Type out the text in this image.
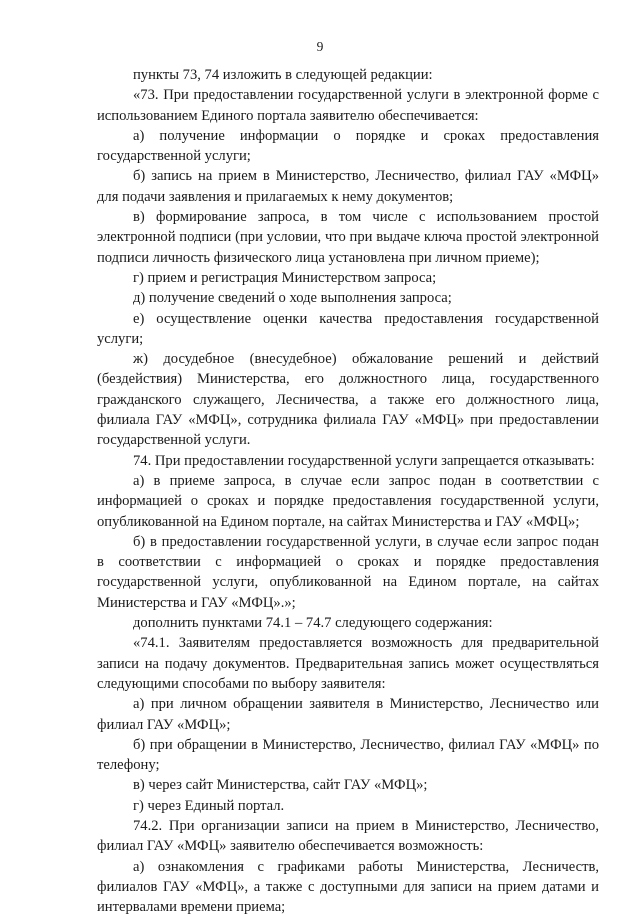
9

пункты 73, 74 изложить в следующей редакции:

«73. При предоставлении государственной услуги в электронной форме с использованием Единого портала заявителю обеспечивается:

а) получение информации о порядке и сроках предоставления государственной услуги;

б) запись на прием в Министерство, Лесничество, филиал ГАУ «МФЦ» для подачи заявления и прилагаемых к нему документов;

в) формирование запроса, в том числе с использованием простой электронной подписи (при условии, что при выдаче ключа простой электронной подписи личность физического лица установлена при личном приеме);

г) прием и регистрация Министерством запроса;

д) получение сведений о ходе выполнения запроса;

е) осуществление оценки качества предоставления государственной услуги;

ж) досудебное (внесудебное) обжалование решений и действий (бездействия) Министерства, его должностного лица, государственного гражданского служащего, Лесничества, а также его должностного лица, филиала ГАУ «МФЦ», сотрудника филиала ГАУ «МФЦ» при предоставлении государственной услуги.

74. При предоставлении государственной услуги запрещается отказывать:

а) в приеме запроса, в случае если запрос подан в соответствии с информацией о сроках и порядке предоставления государственной услуги, опубликованной на Едином портале, на сайтах Министерства и ГАУ «МФЦ»;

б) в предоставлении государственной услуги, в случае если запрос подан в соответствии с информацией о сроках и порядке предоставления государственной услуги, опубликованной на Едином портале, на сайтах Министерства и ГАУ «МФЦ».»;

дополнить пунктами 74.1 – 74.7 следующего содержания:

«74.1. Заявителям предоставляется возможность для предварительной записи на подачу документов. Предварительная запись может осуществляться следующими способами по выбору заявителя:

а) при личном обращении заявителя в Министерство, Лесничество или филиал ГАУ «МФЦ»;

б) при обращении в Министерство, Лесничество, филиал ГАУ «МФЦ» по телефону;

в) через сайт Министерства, сайт ГАУ «МФЦ»;

г) через Единый портал.

74.2. При организации записи на прием в Министерство, Лесничество, филиал ГАУ «МФЦ» заявителю обеспечивается возможность:

а) ознакомления с графиками работы Министерства, Лесничеств, филиалов ГАУ «МФЦ», а также с доступными для записи на прием датами и интервалами времени приема;
